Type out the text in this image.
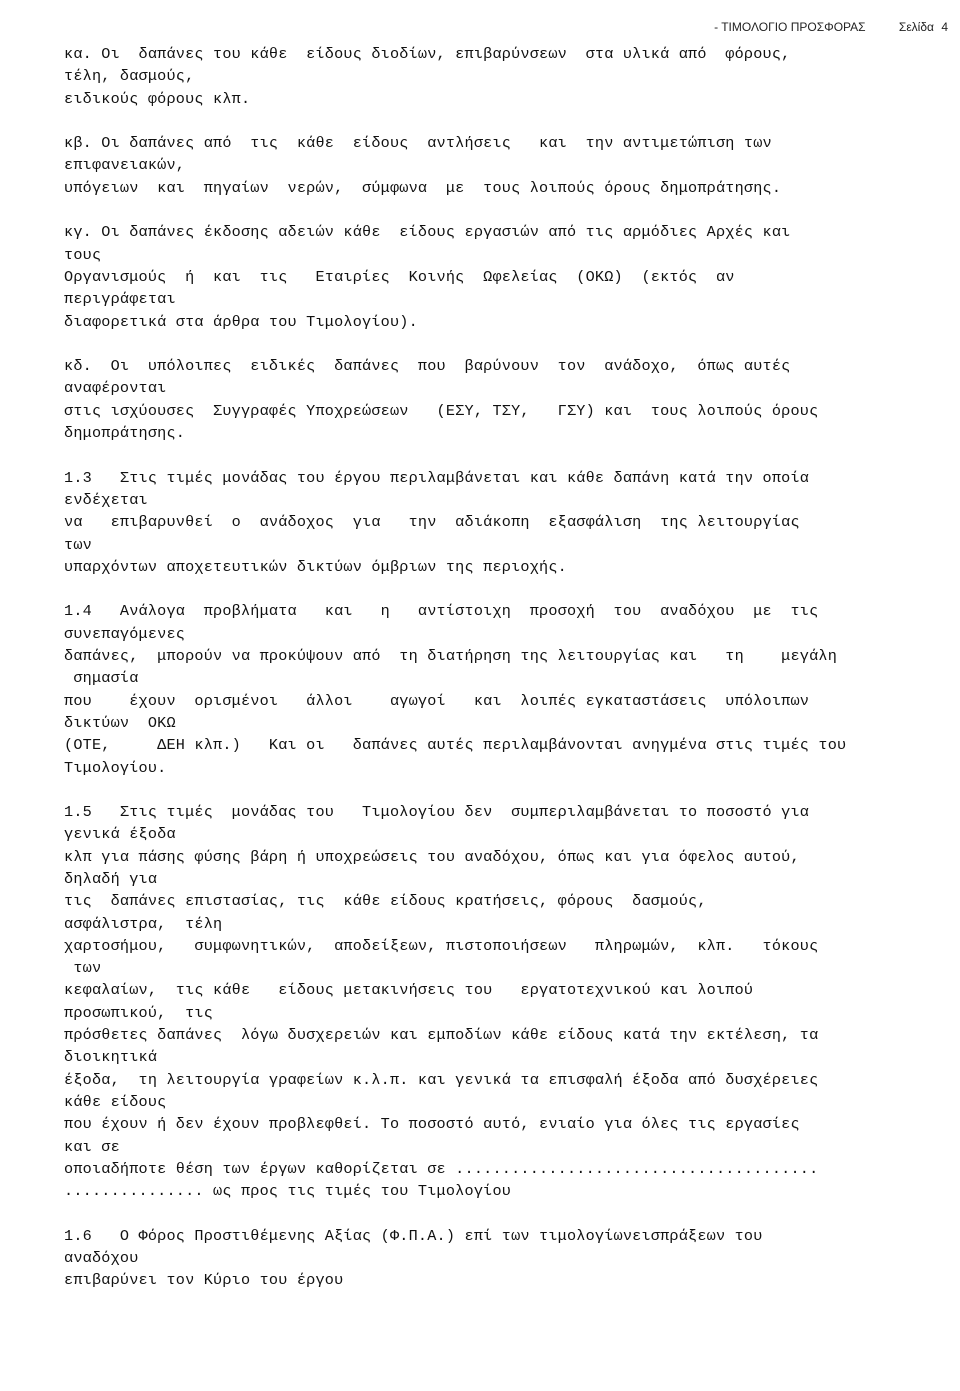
- ΤΙΜΟΛΟΓΙΟ ΠΡΟΣΦΟΡΑΣ	Σελίδα 4
κα. Οι  δαπάνες του κάθε  είδους διοδίων, επιβαρύνσεων  στα υλικά από  φόρους,
τέλη, δασμούς,
ειδικούς φόρους κλπ.
κβ. Οι δαπάνες από  τις  κάθε  είδους  αντλήσεις   και  την αντιμετώπιση των
επιφανειακών,
υπόγειων  και  πηγαίων  νερών,  σύμφωνα  με  τους λοιπούς όρους δημοπράτησης.
κγ. Οι δαπάνες έκδοσης αδειών κάθε  είδους εργασιών από τις αρμόδιες Αρχές και
τους
Οργανισμούς  ή  και  τις   Εταιρίες  Κοινής  Ωφελείας  (ΟΚΩ)  (εκτός  αν
περιγράφεται
διαφορετικά στα άρθρα του Τιμολογίου).
κδ.  Οι  υπόλοιπες  ειδικές  δαπάνες  που  βαρύνουν  τον  ανάδοχο,  όπως αυτές
αναφέρονται
στις ισχύουσες  Συγγραφές Υποχρεώσεων   (ΕΣΥ, ΤΣΥ,   ΓΣΥ) και  τους λοιπούς όρους
δημοπράτησης.
1.3   Στις τιμές μονάδας του έργου περιλαμβάνεται και κάθε δαπάνη κατά την οποία
ενδέχεται
να   επιβαρυνθεί  ο  ανάδοχος  για   την  αδιάκοπη  εξασφάλιση  της λειτουργίας
των
υπαρχόντων αποχετευτικών δικτύων όμβριων της περιοχής.
1.4   Ανάλογα  προβλήματα   και   η   αντίστοιχη  προσοχή  του  αναδόχου  με  τις
συνεπαγόμενες
δαπάνες,  μπορούν να προκύψουν από  τη διατήρηση της λειτουργίας και   τη    μεγάλη
σημασία
που    έχουν  ορισμένοι   άλλοι    αγωγοί   και  λοιπές εγκαταστάσεις  υπόλοιπων
δικτύων  ΟΚΩ
(ΟΤΕ,     ΔΕΗ κλπ.)   Και οι   δαπάνες αυτές περιλαμβάνονται ανηγμένα στις τιμές του
Τιμολογίου.
1.5   Στις τιμές  μονάδας του   Τιμολογίου δεν  συμπεριλαμβάνεται το ποσοστό για
γενικά έξοδα
κλπ για πάσης φύσης βάρη ή υποχρεώσεις του αναδόχου, όπως και για όφελος αυτού,
δηλαδή για
τις  δαπάνες επιστασίας, τις  κάθε είδους κρατήσεις, φόρους  δασμούς,
ασφάλιστρα,  τέλη
χαρτοσήμου,   συμφωνητικών,  αποδείξεων, πιστοποιήσεων   πληρωμών,  κλπ.   τόκους
των
κεφαλαίων,  τις κάθε   είδους μετακινήσεις του   εργατοτεχνικού και λοιπού
προσωπικού,  τις
πρόσθετες δαπάνες  λόγω δυσχερειών και εμποδίων κάθε είδους κατά την εκτέλεση, τα
διοικητικά
έξοδα,  τη λειτουργία γραφείων κ.λ.π. και γενικά τα επισφαλή έξοδα από δυσχέρειες
κάθε είδους
που έχουν ή δεν έχουν προβλεφθεί. Το ποσοστό αυτό, ενιαίο για όλες τις εργασίες
και σε
οποιαδήποτε θέση των έργων καθορίζεται σε .......................................
............... ως προς τις τιμές του Τιμολογίου
1.6   Ο Φόρος Προστιθέμενης Αξίας (Φ.Π.Α.) επί των τιμολογίωνεισπράξεων του
αναδόχου
επιβαρύνει τον Κύριο του έργου
